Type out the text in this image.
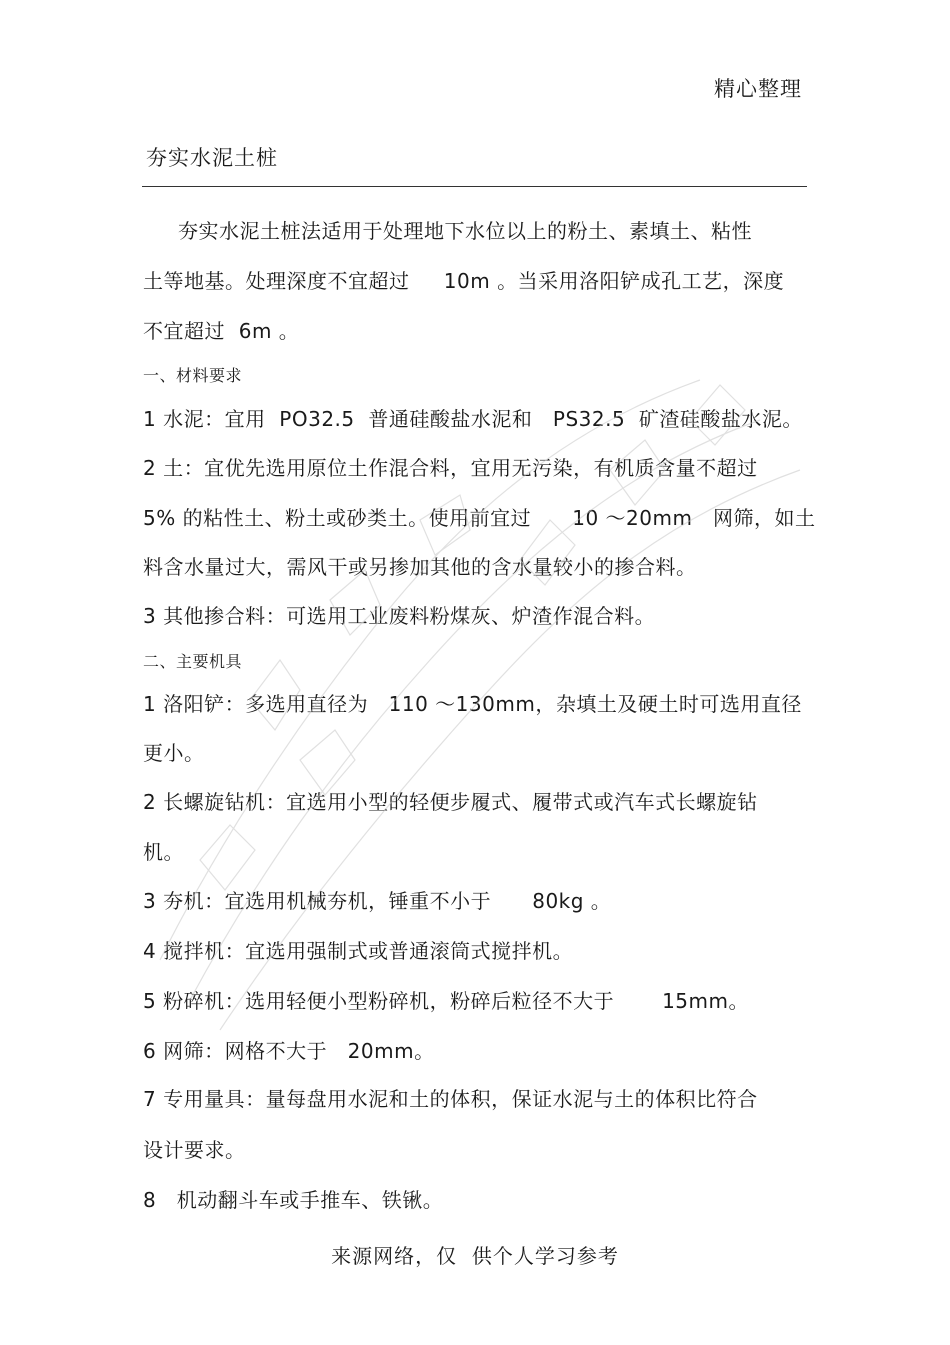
精心整理
夯实水泥土桩
夯实水泥土桩法适用于处理地下水位以上的粉土、素填土、粘性
土等地基。处理深度不宜超过     10m 。当采用洛阳铲成孔工艺，深度
不宜超过  6m 。
一、材料要求
1 水泥：宜用  PO32.5  普通硅酸盐水泥和   PS32.5  矿渣硅酸盐水泥。
2 土：宜优先选用原位土作混合料，宜用无污染，有机质含量不超过
5% 的粘性土、粉土或砂类土。使用前宜过      10 ～20mm   网筛，如土
料含水量过大，需风干或另掺加其他的含水量较小的掺合料。
3 其他掺合料：可选用工业废料粉煤灰、炉渣作混合料。
二、主要机具
1 洛阳铲：多选用直径为   110 ～130mm，杂填土及硬土时可选用直径
更小。
2 长螺旋钻机：宜选用小型的轻便步履式、履带式或汽车式长螺旋钻
机。
3 夯机：宜选用机械夯机，锤重不小于      80kg 。
4 搅拌机：宜选用强制式或普通滚筒式搅拌机。
5 粉碎机：选用轻便小型粉碎机，粉碎后粒径不大于       15mm。
6 网筛：网格不大于   20mm。
7 专用量具：量每盘用水泥和土的体积，保证水泥与土的体积比符合
设计要求。
8   机动翻斗车或手推车、铁锹。
来源网络，仅  供个人学习参考
